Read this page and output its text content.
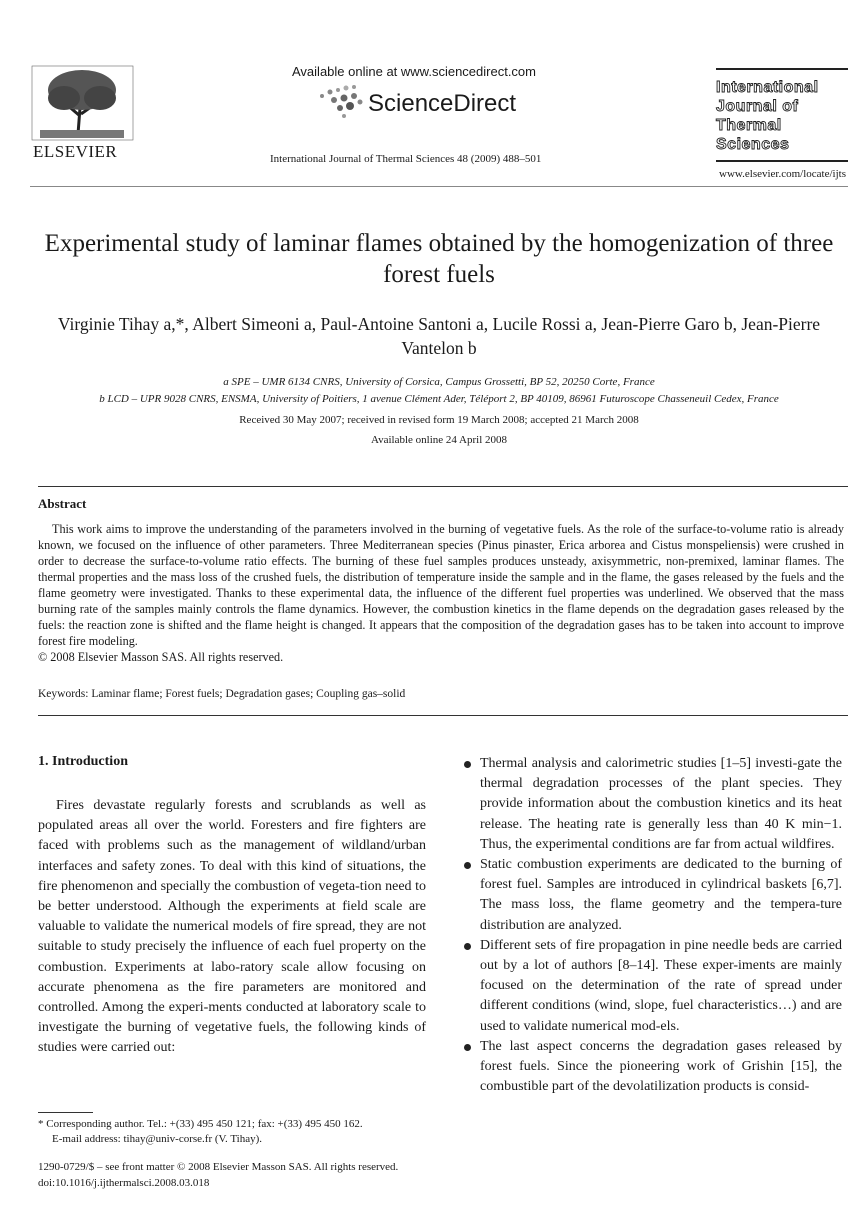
ELSEVIER
Available online at www.sciencedirect.com
ScienceDirect
International Journal of Thermal Sciences 48 (2009) 488–501
International Journal of Thermal Sciences
www.elsevier.com/locate/ijts
Experimental study of laminar flames obtained by the homogenization of three forest fuels
Virginie Tihay a,*, Albert Simeoni a, Paul-Antoine Santoni a, Lucile Rossi a, Jean-Pierre Garo b, Jean-Pierre Vantelon b
a SPE – UMR 6134 CNRS, University of Corsica, Campus Grossetti, BP 52, 20250 Corte, France
b LCD – UPR 9028 CNRS, ENSMA, University of Poitiers, 1 avenue Clément Ader, Téléport 2, BP 40109, 86961 Futuroscope Chasseneuil Cedex, France
Received 30 May 2007; received in revised form 19 March 2008; accepted 21 March 2008
Available online 24 April 2008
Abstract
This work aims to improve the understanding of the parameters involved in the burning of vegetative fuels. As the role of the surface-to-volume ratio is already known, we focused on the influence of other parameters. Three Mediterranean species (Pinus pinaster, Erica arborea and Cistus monspeliensis) were crushed in order to decrease the surface-to-volume ratio effects. The burning of these fuel samples produces unsteady, axisymmetric, non-premixed, laminar flames. The thermal properties and the mass loss of the crushed fuels, the distribution of temperature inside the sample and in the flame, the gases released by the fuels and the flame geometry were investigated. Thanks to these experimental data, the influence of the different fuel properties was underlined. We observed that the mass burning rate of the samples mainly controls the flame dynamics. However, the combustion kinetics in the flame depends on the degradation gases released by the fuels: the reaction zone is shifted and the flame height is changed. It appears that the composition of the degradation gases has to be taken into account to improve forest fire modeling.
© 2008 Elsevier Masson SAS. All rights reserved.
Keywords: Laminar flame; Forest fuels; Degradation gases; Coupling gas–solid
1. Introduction
Fires devastate regularly forests and scrublands as well as populated areas all over the world. Foresters and fire fighters are faced with problems such as the management of wildland/urban interfaces and safety zones. To deal with this kind of situations, the fire phenomenon and specially the combustion of vegeta-tion need to be better understood. Although the experiments at field scale are valuable to validate the numerical models of fire spread, they are not suitable to study precisely the influence of each fuel property on the combustion. Experiments at labo-ratory scale allow focusing on accurate phenomena as the fire parameters are monitored and controlled. Among the experi-ments conducted at laboratory scale to investigate the burning of vegetative fuels, the following kinds of studies were carried out:
Thermal analysis and calorimetric studies [1–5] investi-gate the thermal degradation processes of the plant species. They provide information about the combustion kinetics and its heat release. The heating rate is generally less than 40 K min−1. Thus, the experimental conditions are far from actual wildfires.
Static combustion experiments are dedicated to the burning of forest fuel. Samples are introduced in cylindrical baskets [6,7]. The mass loss, the flame geometry and the tempera-ture distribution are analyzed.
Different sets of fire propagation in pine needle beds are carried out by a lot of authors [8–14]. These exper-iments are mainly focused on the determination of the rate of spread under different conditions (wind, slope, fuel characteristics…) and are used to validate numerical mod-els.
The last aspect concerns the degradation gases released by forest fuels. Since the pioneering work of Grishin [15], the combustible part of the devolatilization products is consid-
* Corresponding author. Tel.: +(33) 495 450 121; fax: +(33) 495 450 162.
E-mail address: tihay@univ-corse.fr (V. Tihay).
1290-0729/$ – see front matter © 2008 Elsevier Masson SAS. All rights reserved.
doi:10.1016/j.ijthermalsci.2008.03.018
